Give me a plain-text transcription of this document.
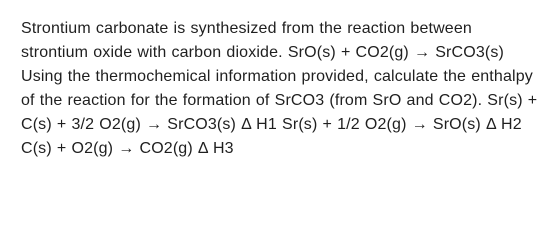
Strontium carbonate is synthesized from the reaction between strontium oxide with carbon dioxide. SrO(s) + CO2(g) → SrCO3(s) Using the thermochemical information provided, calculate the enthalpy of the reaction for the formation of SrCO3 (from SrO and CO2). Sr(s) + C(s) + 3/2 O2(g) → SrCO3(s) Δ H1 Sr(s) + 1/2 O2(g) → SrO(s) Δ H2 C(s) + O2(g) → CO2(g) Δ H3
